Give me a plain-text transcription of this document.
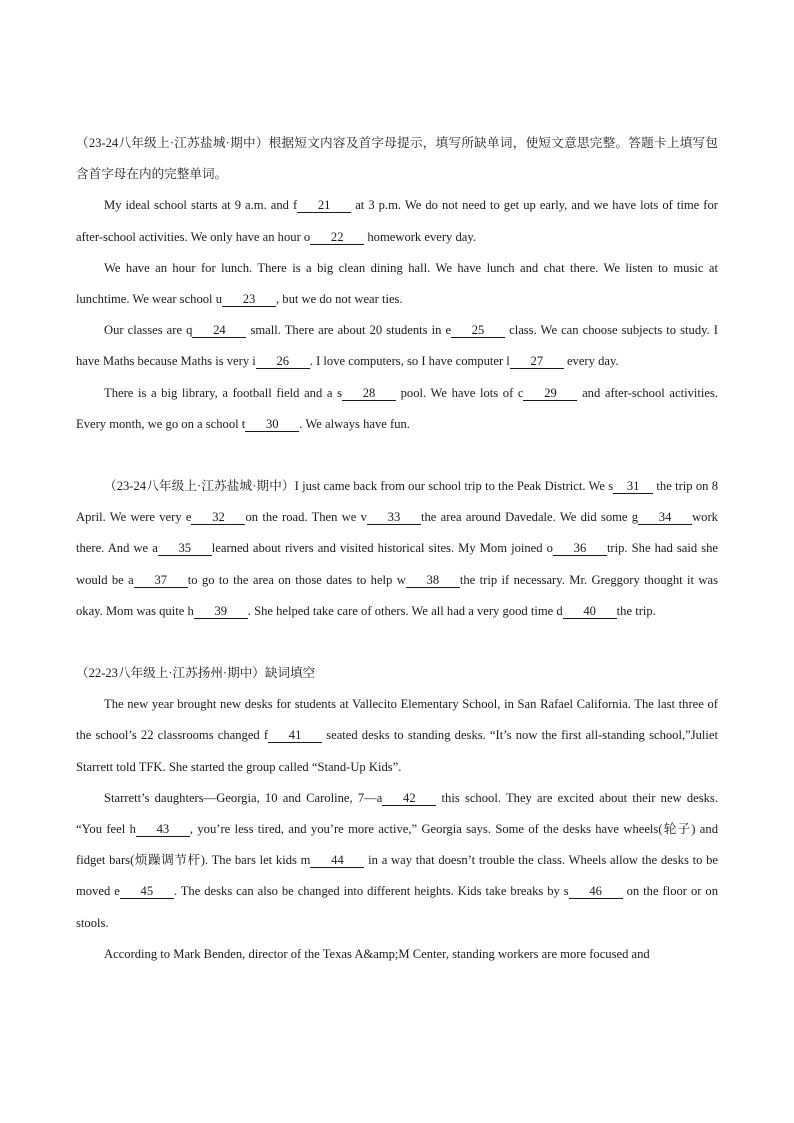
（23-24八年级上·江苏盐城·期中）根据短文内容及首字母提示，填写所缺单词，使短文意思完整。答题卡上填写包含首字母在内的完整单词。

My ideal school starts at 9 a.m. and f 21 at 3 p.m. We do not need to get up early, and we have lots of time for after-school activities. We only have an hour o 22 homework every day.

We have an hour for lunch. There is a big clean dining hall. We have lunch and chat there. We listen to music at lunchtime. We wear school u 23 , but we do not wear ties.

Our classes are q 24 small. There are about 20 students in e 25 class. We can choose subjects to study. I have Maths because Maths is very i 26 . I love computers, so I have computer l 27 every day.

There is a big library, a football field and a s 28 pool. We have lots of c 29 and after-school activities. Every month, we go on a school t 30 . We always have fun.

（23-24八年级上·江苏盐城·期中）I just came back from our school trip to the Peak District. We s 31 the trip on 8 April. We were very e 32 on the road. Then we v 33 the area around Davedale. We did some g 34 work there. And we a 35 learned about rivers and visited historical sites. My Mom joined o 36 trip. She had said she would be a 37 to go to the area on those dates to help w 38 the trip if necessary. Mr. Greggory thought it was okay. Mom was quite h 39 . She helped take care of others. We all had a very good time d 40 the trip.

（22-23八年级上·江苏扬州·期中）缺词填空

The new year brought new desks for students at Vallecito Elementary School, in San Rafael California. The last three of the school’s 22 classrooms changed f 41 seated desks to standing desks. “It’s now the first all-standing school,”Juliet Starrett told TFK. She started the group called “Stand-Up Kids”.

Starrett’s daughters—Georgia, 10 and Caroline, 7—a 42 this school. They are excited about their new desks. “You feel h 43 , you’re less tired, and you’re more active,” Georgia says. Some of the desks have wheels(轮子) and fidget bars(烦躁调节杆). The bars let kids m 44 in a way that doesn’t trouble the class. Wheels allow the desks to be moved e 45 . The desks can also be changed into different heights. Kids take breaks by s 46 on the floor or on stools.

According to Mark Benden, director of the Texas A&amp;M Center, standing workers are more focused and
